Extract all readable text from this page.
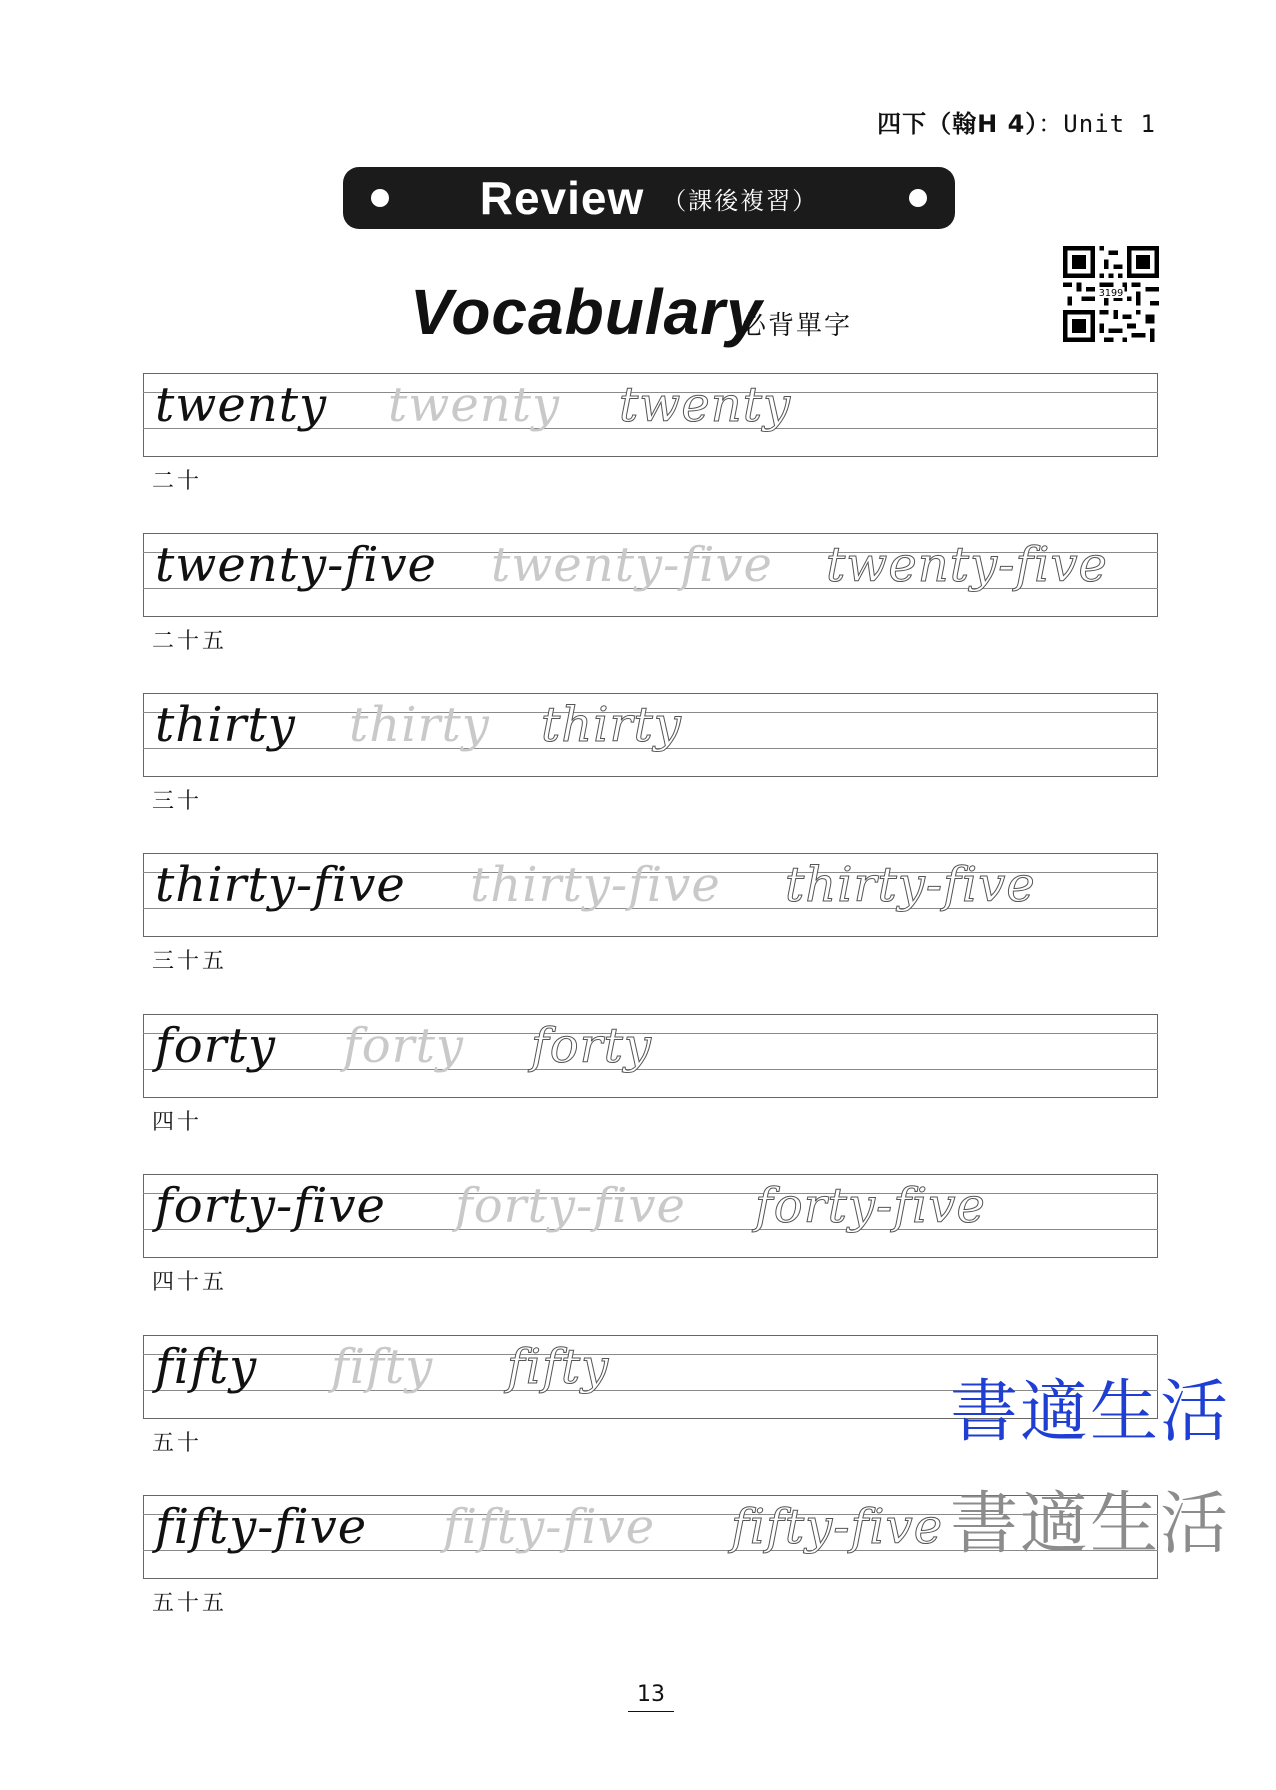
四下（翰H 4）：Unit 1
Review （課後複習）
Vocabulary
必背單字
3199
twenty twenty twenty
二十
twenty-five twenty-five twenty-five
二十五
thirty thirty thirty
三十
thirty-five thirty-five thirty-five
三十五
forty forty forty
四十
forty-five forty-five forty-five
四十五
fifty fifty fifty
五十
fifty-five fifty-five fifty-five
五十五
書適生活
書適生活
13
